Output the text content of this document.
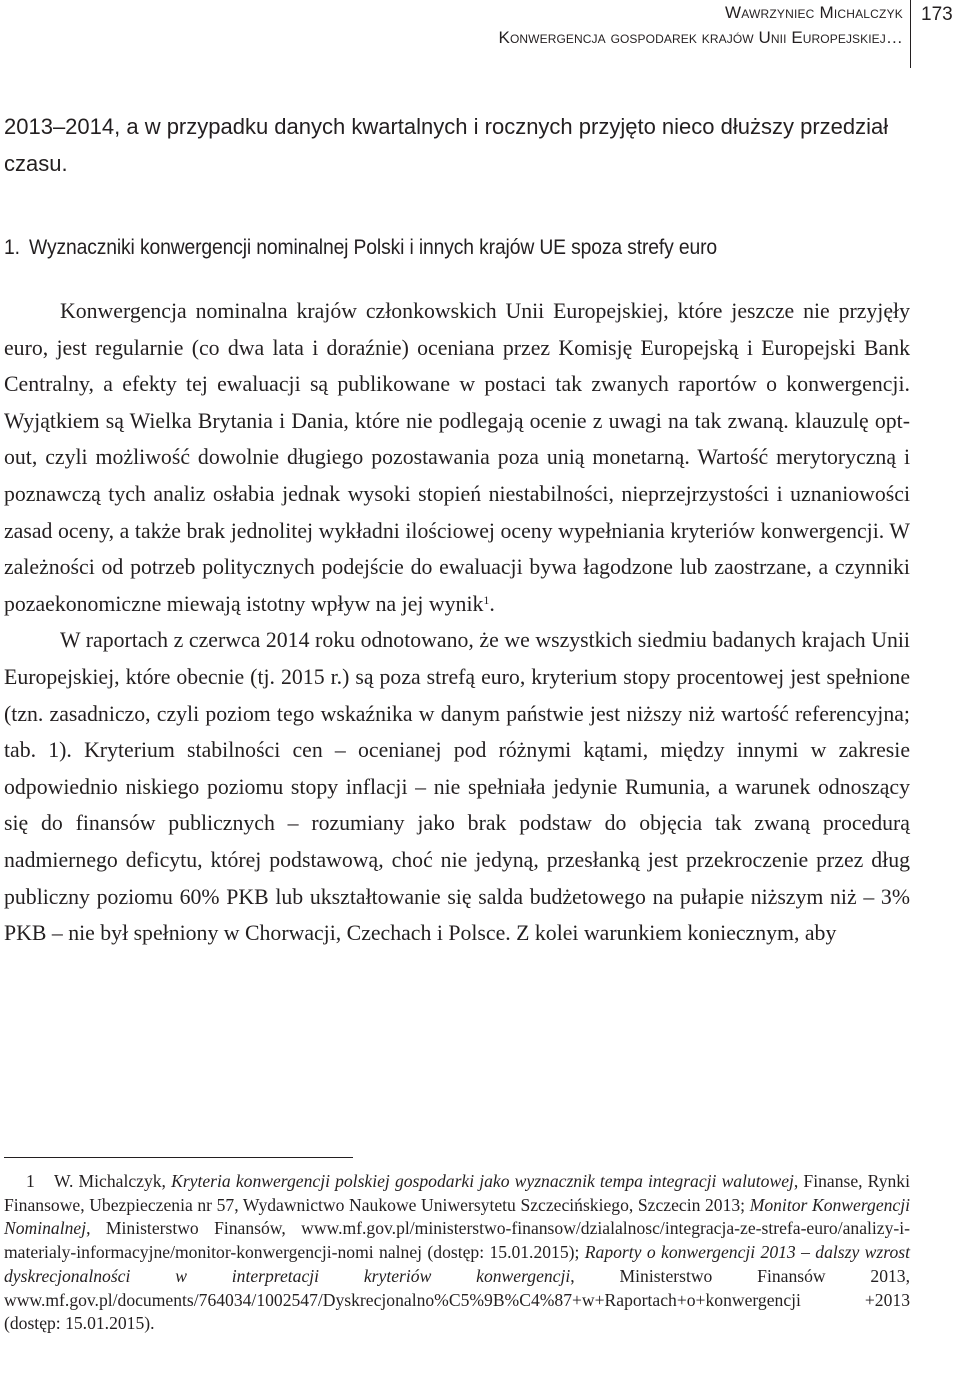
Wawrzyniec Michalczyk
Konwergencja gospodarek krajów Unii Europejskiej…
173

2013–2014, a w przypadku danych kwartalnych i rocznych przyjęto nieco dłuższy przedział czasu.

1. Wyznaczniki konwergencji nominalnej Polski i innych krajów UE spoza strefy euro

Konwergencja nominalna krajów członkowskich Unii Europejskiej, które jeszcze nie przyjęły euro, jest regularnie (co dwa lata i doraźnie) oceniana przez Komisję Europejską i Europejski Bank Centralny, a efekty tej ewaluacji są publikowane w postaci tak zwanych raportów o konwergencji. Wyjątkiem są Wielka Brytania i Dania, które nie podlegają ocenie z uwagi na tak zwaną. klauzulę opt-out, czyli możliwość dowolnie długiego pozostawania poza unią monetarną. Wartość merytoryczną i poznawczą tych analiz osłabia jednak wysoki stopień niestabilności, nieprzejrzystości i uznaniowości zasad oceny, a także brak jednolitej wykładni ilościowej oceny wypełniania kryteriów konwergencji. W zależności od potrzeb politycznych podejście do ewaluacji bywa łagodzone lub zaostrzane, a czynniki pozaekonomiczne miewają istotny wpływ na jej wynik$^1$.

W raportach z czerwca 2014 roku odnotowano, że we wszystkich siedmiu badanych krajach Unii Europejskiej, które obecnie (tj. 2015 r.) są poza strefą euro, kryterium stopy procentowej jest spełnione (tzn. zasadniczo, czyli poziom tego wskaźnika w danym państwie jest niższy niż wartość referencyjna; tab. 1). Kryterium stabilności cen – ocenianej pod różnymi kątami, między innymi w zakresie odpowiednio niskiego poziomu stopy inflacji – nie spełniała jedynie Rumunia, a warunek odnoszący się do finansów publicznych – rozumiany jako brak podstaw do objęcia tak zwaną procedurą nadmiernego deficytu, której podstawową, choć nie jedyną, przesłanką jest przekroczenie przez dług publiczny poziomu 60% PKB lub ukształtowanie się salda budżetowego na pułapie niższym niż – 3% PKB – nie był spełniony w Chorwacji, Czechach i Polsce. Z kolei warunkiem koniecznym, aby

1 W. Michalczyk, Kryteria konwergencji polskiej gospodarki jako wyznacznik tempa integracji walutowej, Finanse, Rynki Finansowe, Ubezpieczenia nr 57, Wydawnictwo Naukowe Uniwersytetu Szczecińskiego, Szczecin 2013; Monitor Konwergencji Nominalnej, Ministerstwo Finansów, www.mf.gov.pl/ministerstwo-finansow/dzialalnosc/integracja-ze-strefa-euro/analizy-i-materialy-informacyjne/monitor-konwergencji-nomi nalnej (dostęp: 15.01.2015); Raporty o konwergencji 2013 – dalszy wzrost dyskrecjonalności w interpretacji kryteriów konwergencji, Ministerstwo Finansów 2013, www.mf.gov.pl/documents/764034/1002547/Dyskrecjonalno%C5%9B%C4%87+w+Raportach+o+konwergencji +2013 (dostęp: 15.01.2015).
